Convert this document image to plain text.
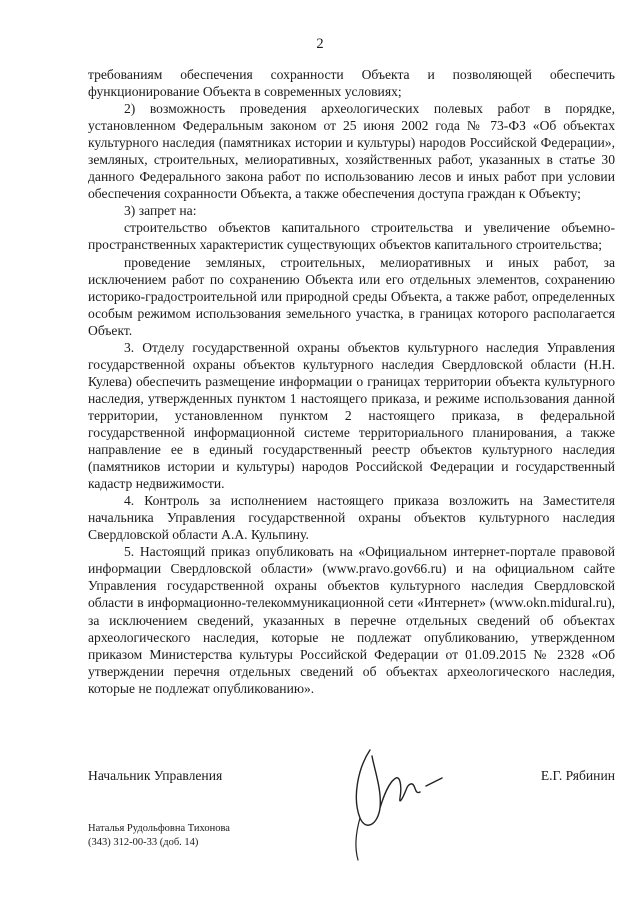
2

требованиям обеспечения сохранности Объекта и позволяющей обеспечить функционирование Объекта в современных условиях;

2) возможность проведения археологических полевых работ в порядке, установленном Федеральным законом от 25 июня 2002 года № 73-ФЗ «Об объектах культурного наследия (памятниках истории и культуры) народов Российской Федерации», земляных, строительных, мелиоративных, хозяйственных работ, указанных в статье 30 данного Федерального закона работ по использованию лесов и иных работ при условии обеспечения сохранности Объекта, а также обеспечения доступа граждан к Объекту;

3) запрет на:

строительство объектов капитального строительства и увеличение объемно-пространственных характеристик существующих объектов капитального строительства;

проведение земляных, строительных, мелиоративных и иных работ, за исключением работ по сохранению Объекта или его отдельных элементов, сохранению историко-градостроительной или природной среды Объекта, а также работ, определенных особым режимом использования земельного участка, в границах которого располагается Объект.

3. Отделу государственной охраны объектов культурного наследия Управления государственной охраны объектов культурного наследия Свердловской области (Н.Н. Кулева) обеспечить размещение информации о границах территории объекта культурного наследия, утвержденных пунктом 1 настоящего приказа, и режиме использования данной территории, установленном пунктом 2 настоящего приказа, в федеральной государственной информационной системе территориального планирования, а также направление ее в единый государственный реестр объектов культурного наследия (памятников истории и культуры) народов Российской Федерации и государственный кадастр недвижимости.

4. Контроль за исполнением настоящего приказа возложить на Заместителя начальника Управления государственной охраны объектов культурного наследия Свердловской области А.А. Кульпину.

5. Настоящий приказ опубликовать на «Официальном интернет-портале правовой информации Свердловской области» (www.pravo.gov66.ru) и на официальном сайте Управления государственной охраны объектов культурного наследия Свердловской области в информационно-телекоммуникационной сети «Интернет» (www.okn.midural.ru), за исключением сведений, указанных в перечне отдельных сведений об объектах археологического наследия, которые не подлежат опубликованию, утвержденном приказом Министерства культуры Российской Федерации от 01.09.2015 № 2328 «Об утверждении перечня отдельных сведений об объектах археологического наследия, которые не подлежат опубликованию».

Начальник Управления	Е.Г. Рябинин
Наталья Рудольфовна Тихонова
(343) 312-00-33 (доб. 14)
